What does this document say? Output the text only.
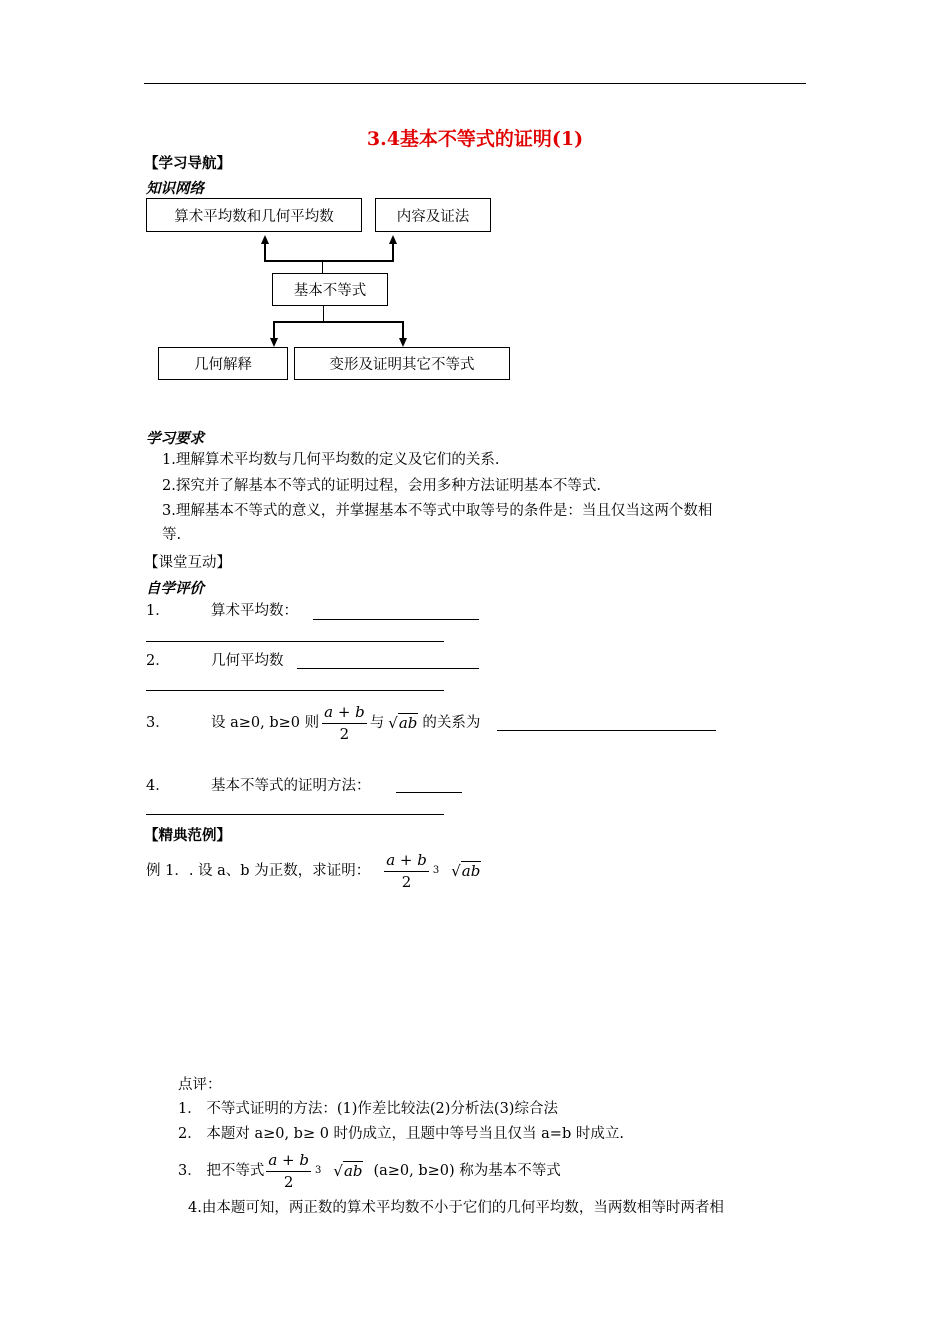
3.4基本不等式的证明(1)
【学习导航】
知识网络
算术平均数和几何平均数	内容及证法
基本不等式
几何解释	变形及证明其它不等式
学习要求
1.理解算术平均数与几何平均数的定义及它们的关系.
2.探究并了解基本不等式的证明过程，会用多种方法证明基本不等式.
3.理解基本不等式的意义，并掌握基本不等式中取等号的条件是：当且仅当这两个数相
等.
【课堂互动】
自学评价
1．	算术平均数：
2．	几何平均数
3．	设 a≥0, b≥0 则 $\frac{a + b}{2}$ 与 √ab 的关系为
4．	基本不等式的证明方法：
【精典范例】
例 1．. 设 a、b 为正数，求证明： $\frac{a + b}{2} 3$ √ab
点评：
1． 不等式证明的方法：(1)作差比较法(2)分析法(3)综合法
2． 本题对 a≥0, b≥ 0 时仍成立，且题中等号当且仅当 a=b 时成立.
3． 把不等式 $\frac{a + b}{2} 3$ √ab (a≥0, b≥0) 称为基本不等式
4.由本题可知，两正数的算术平均数不小于它们的几何平均数，当两数相等时两者相
